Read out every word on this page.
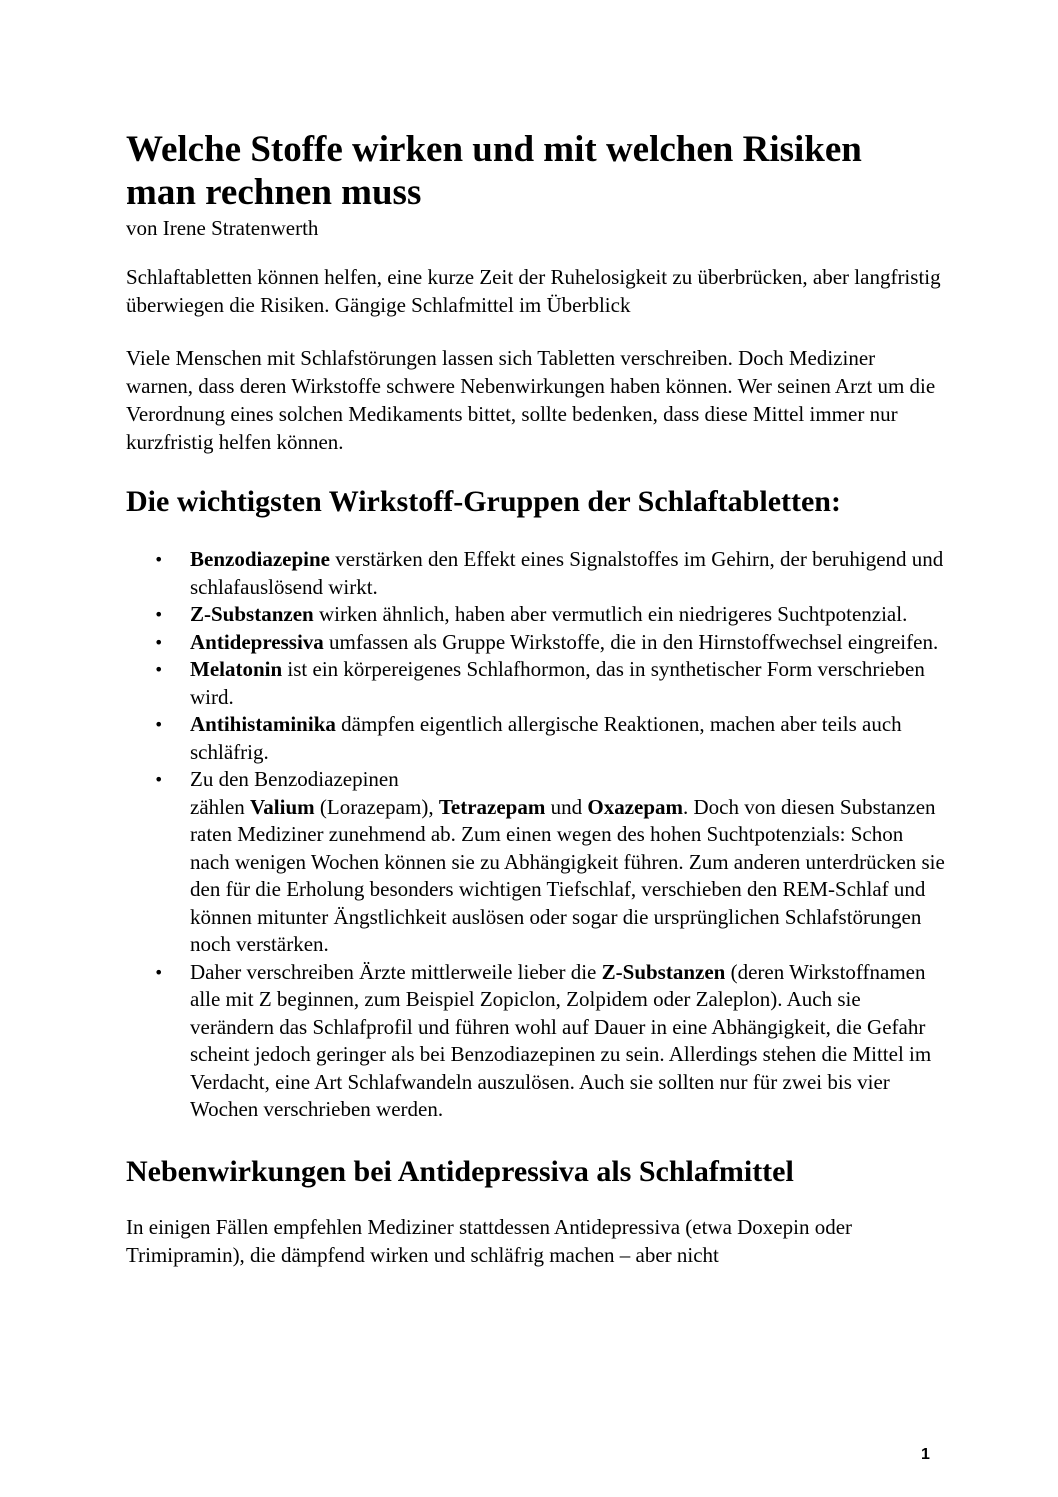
Welche Stoffe wirken und mit welchen Risiken
man rechnen muss

von Irene Stratenwerth

Schlaftabletten können helfen, eine kurze Zeit der Ruhelosigkeit zu überbrücken, aber langfristig überwiegen die Risiken. Gängige Schlafmittel im Überblick

Viele Menschen mit Schlafstörungen lassen sich Tabletten verschreiben. Doch Mediziner warnen, dass deren Wirkstoffe schwere Nebenwirkungen haben können. Wer seinen Arzt um die Verordnung eines solchen Medikaments bittet, sollte bedenken, dass diese Mittel immer nur kurzfristig helfen können.

Die wichtigsten Wirkstoff-Gruppen der Schlaftabletten:
• Benzodiazepine verstärken den Effekt eines Signalstoffes im Gehirn, der beruhigend und schlafauslösend wirkt.
• Z-Substanzen wirken ähnlich, haben aber vermutlich ein niedrigeres Suchtpotenzial.
• Antidepressiva umfassen als Gruppe Wirkstoffe, die in den Hirnstoffwechsel eingreifen.
• Melatonin ist ein körpereigenes Schlafhormon, das in synthetischer Form verschrieben wird.
• Antihistaminika dämpfen eigentlich allergische Reaktionen, machen aber teils auch schläfrig.
• Zu den Benzodiazepinen
zählen Valium (Lorazepam), Tetrazepam und Oxazepam. Doch von diesen Substanzen raten Mediziner zunehmend ab. Zum einen wegen des hohen Suchtpotenzials: Schon nach wenigen Wochen können sie zu Abhängigkeit führen. Zum anderen unterdrücken sie den für die Erholung besonders wichtigen Tiefschlaf, verschieben den REM-Schlaf und können mitunter Ängstlichkeit auslösen oder sogar die ursprünglichen Schlafstörungen noch verstärken.
• Daher verschreiben Ärzte mittlerweile lieber die Z-Substanzen (deren Wirkstoffnamen alle mit Z beginnen, zum Beispiel Zopiclon, Zolpidem oder Zaleplon). Auch sie verändern das Schlafprofil und führen wohl auf Dauer in eine Abhängigkeit, die Gefahr scheint jedoch geringer als bei Benzodiazepinen zu sein. Allerdings stehen die Mittel im Verdacht, eine Art Schlafwandeln auszulösen. Auch sie sollten nur für zwei bis vier Wochen verschrieben werden.
Nebenwirkungen bei Antidepressiva als Schlafmittel

In einigen Fällen empfehlen Mediziner stattdessen Antidepressiva (etwa Doxepin oder Trimipramin), die dämpfend wirken und schläfrig machen – aber nicht

1
